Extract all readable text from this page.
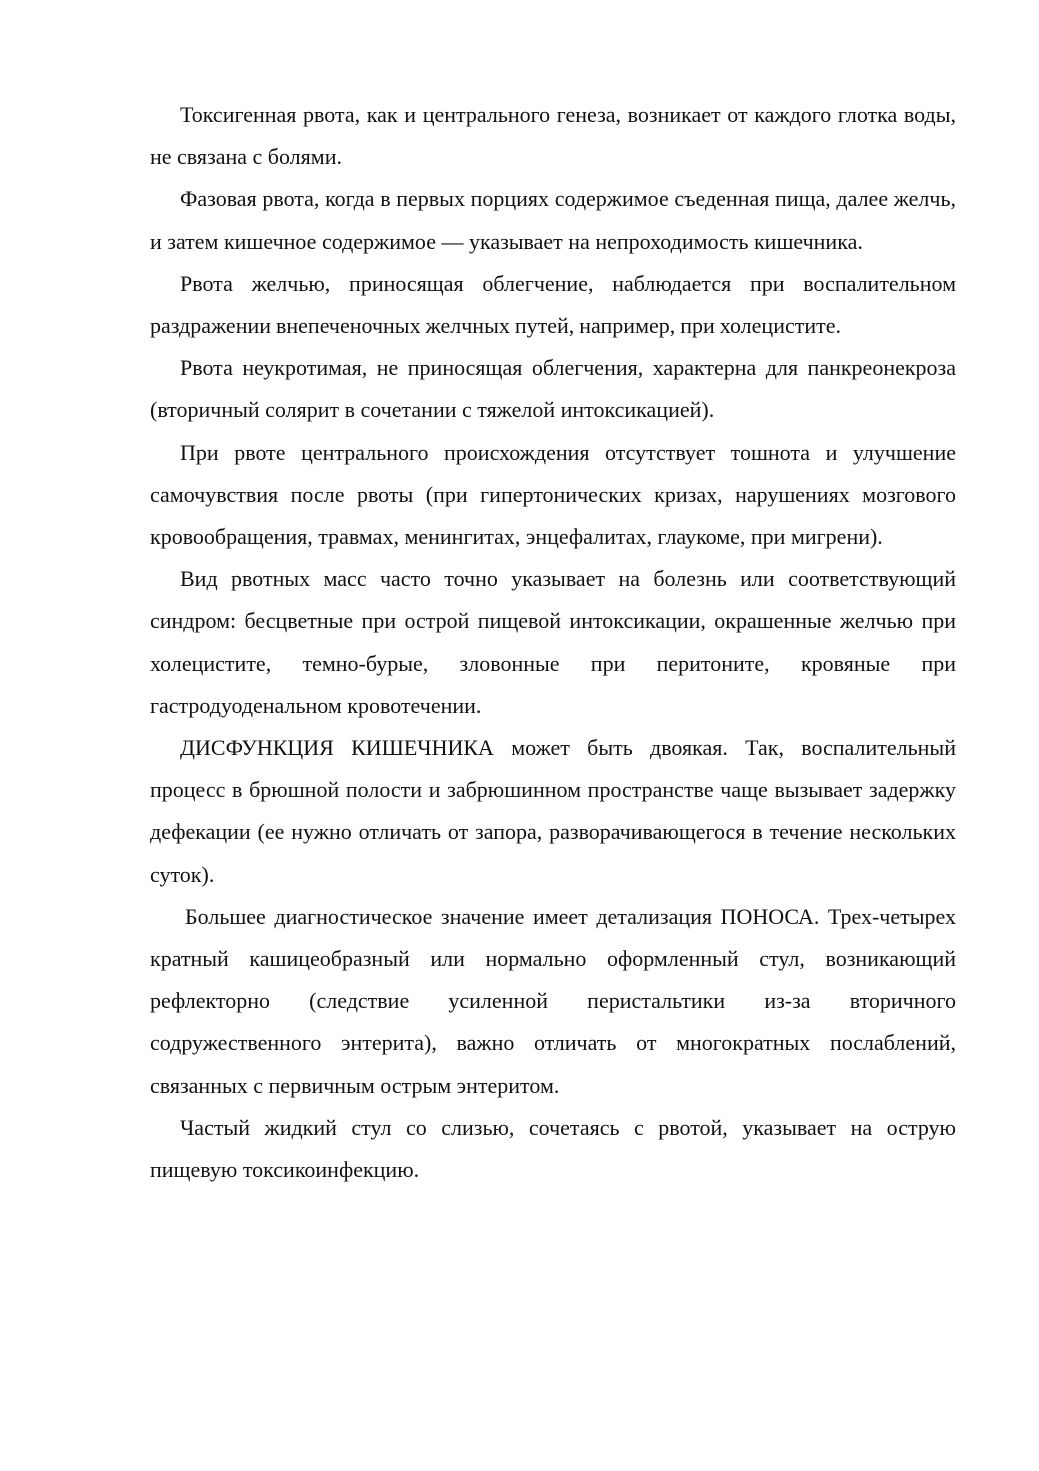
Токсигенная рвота, как и центрального генеза, возникает от каждого глотка воды, не связана с болями.

Фазовая рвота, когда в первых порциях содержимое съеденная пища, далее желчь, и затем кишечное содержимое — указывает на непроходимость кишечника.

Рвота желчью, приносящая облегчение, наблюдается при воспалительном раздражении внепеченочных желчных путей, например, при холецистите.

Рвота неукротимая, не приносящая облегчения, характерна для панкреонекроза (вторичный солярит в сочетании с тяжелой интоксикацией).

При рвоте центрального происхождения отсутствует тошнота и улучшение самочувствия после рвоты (при гипертонических кризах, нарушениях мозгового кровообращения, травмах, менингитах, энцефалитах, глаукоме, при мигрени).

Вид рвотных масс часто точно указывает на болезнь или соответствующий синдром: бесцветные при острой пищевой интоксикации, окрашенные желчью при холецистите, темно-бурые, зловонные при перитоните, кровяные при гастродуоденальном кровотечении.

ДИСФУНКЦИЯ КИШЕЧНИКА может быть двоякая. Так, воспалительный процесс в брюшной полости и забрюшинном пространстве чаще вызывает задержку дефекации (ее нужно отличать от запора, разворачивающегося в течение нескольких суток).

Большее диагностическое значение имеет детализация ПОНОСА. Трех-четырех кратный кашицеобразный или нормально оформленный стул, возникающий рефлекторно (следствие усиленной перистальтики из-за вторичного содружественного энтерита), важно отличать от многократных послаблений, связанных с первичным острым энтеритом.

Частый жидкий стул со слизью, сочетаясь с рвотой, указывает на острую пищевую токсикоинфекцию.
